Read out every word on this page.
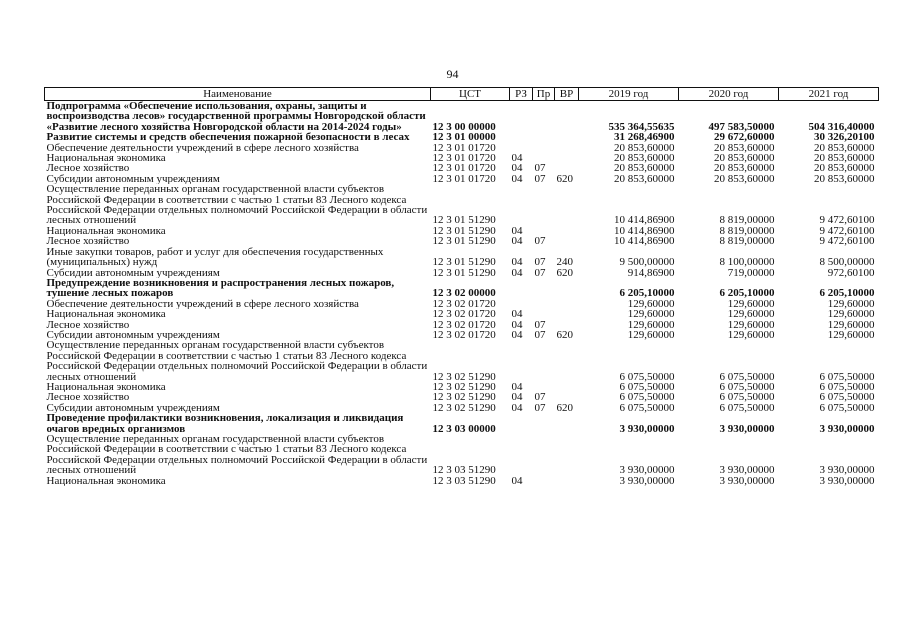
94
Наименование	ЦСТ	РЗ	Пр	ВР	2019 год	2020 год	2021 год
Подпрограмма «Обеспечение использования, охраны, защиты и воспроизводства лесов» государственной программы Новгородской области «Развитие лесного хозяйства Новгородской области на 2014-2024 годы»	12 3 00 00000				535 364,55635	497 583,50000	504 316,40000
Развитие системы и средств обеспечения пожарной безопасности в лесах	12 3 01 00000				31 268,46900	29 672,60000	30 326,20100
Обеспечение деятельности учреждений в сфере лесного хозяйства	12 3 01 01720				20 853,60000	20 853,60000	20 853,60000
Национальная экономика	12 3 01 01720	04			20 853,60000	20 853,60000	20 853,60000
Лесное хозяйство	12 3 01 01720	04	07		20 853,60000	20 853,60000	20 853,60000
Субсидии автономным учреждениям	12 3 01 01720	04	07	620	20 853,60000	20 853,60000	20 853,60000
Осуществление переданных органам государственной власти субъектов Российской Федерации в соответствии с частью 1 статьи 83 Лесного кодекса Российской Федерации отдельных полномочий Российской Федерации в области лесных отношений	12 3 01 51290				10 414,86900	8 819,00000	9 472,60100
Национальная экономика	12 3 01 51290	04			10 414,86900	8 819,00000	9 472,60100
Лесное хозяйство	12 3 01 51290	04	07		10 414,86900	8 819,00000	9 472,60100
Иные закупки товаров, работ и услуг для обеспечения государственных (муниципальных) нужд	12 3 01 51290	04	07	240	9 500,00000	8 100,00000	8 500,00000
Субсидии автономным учреждениям	12 3 01 51290	04	07	620	914,86900	719,00000	972,60100
Предупреждение возникновения и распространения лесных пожаров, тушение лесных пожаров	12 3 02 00000				6 205,10000	6 205,10000	6 205,10000
Обеспечение деятельности учреждений в сфере лесного хозяйства	12 3 02 01720				129,60000	129,60000	129,60000
Национальная экономика	12 3 02 01720	04			129,60000	129,60000	129,60000
Лесное хозяйство	12 3 02 01720	04	07		129,60000	129,60000	129,60000
Субсидии автономным учреждениям	12 3 02 01720	04	07	620	129,60000	129,60000	129,60000
Осуществление переданных органам государственной власти субъектов Российской Федерации в соответствии с частью 1 статьи 83 Лесного кодекса Российской Федерации отдельных полномочий Российской Федерации в области лесных отношений	12 3 02 51290				6 075,50000	6 075,50000	6 075,50000
Национальная экономика	12 3 02 51290	04			6 075,50000	6 075,50000	6 075,50000
Лесное хозяйство	12 3 02 51290	04	07		6 075,50000	6 075,50000	6 075,50000
Субсидии автономным учреждениям	12 3 02 51290	04	07	620	6 075,50000	6 075,50000	6 075,50000
Проведение профилактики возникновения, локализация и ликвидация очагов вредных организмов	12 3 03 00000				3 930,00000	3 930,00000	3 930,00000
Осуществление переданных органам государственной власти субъектов Российской Федерации в соответствии с частью 1 статьи 83 Лесного кодекса Российской Федерации отдельных полномочий Российской Федерации в области лесных отношений	12 3 03 51290				3 930,00000	3 930,00000	3 930,00000
Национальная экономика	12 3 03 51290	04			3 930,00000	3 930,00000	3 930,00000
